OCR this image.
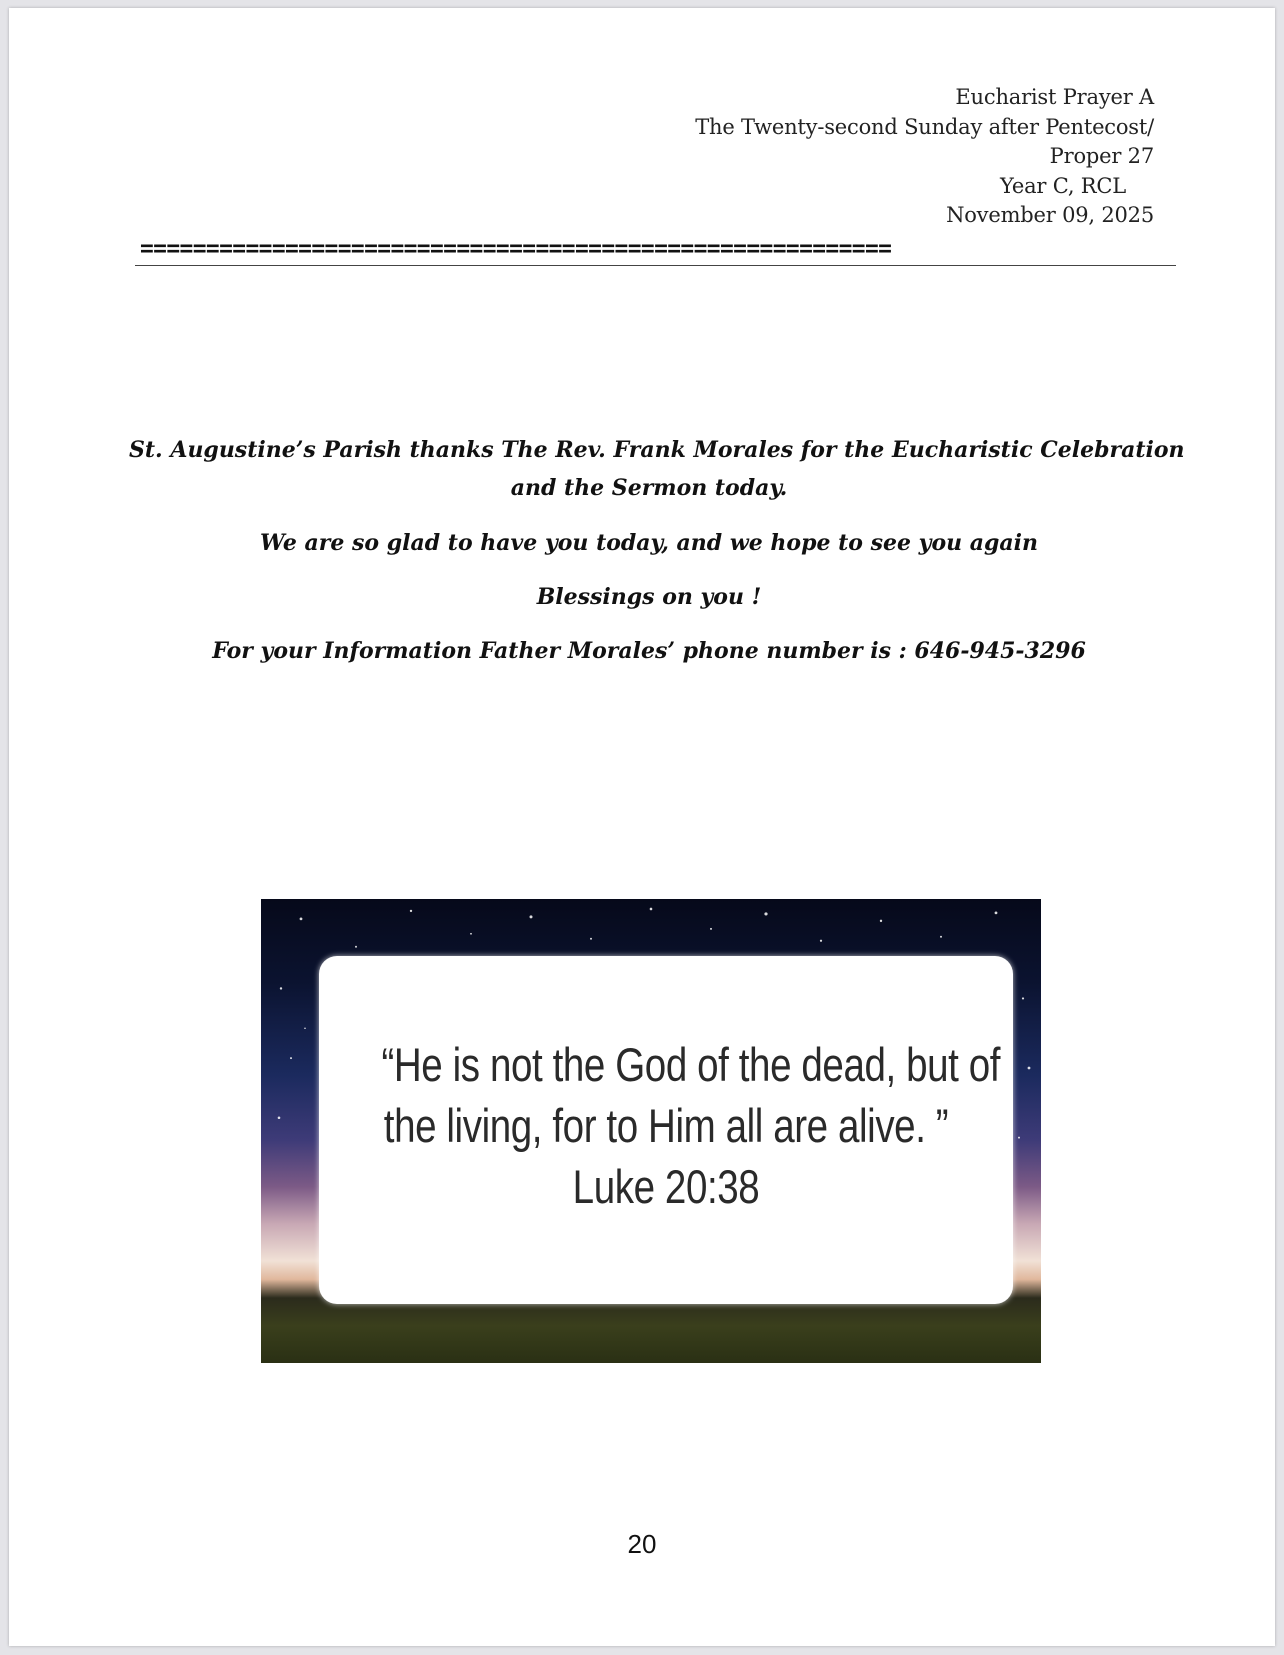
Eucharist Prayer A
The Twenty-second Sunday after Pentecost/
Proper 27
Year C, RCL
November 09, 2025
=========================================================
St. Augustine’s Parish thanks The Rev. Frank Morales for the Eucharistic Celebration
and the Sermon today.
We are so glad to have you today, and we hope to see you again
Blessings on you !
For your Information Father Morales’ phone number is : 646-945-3296
“He is not the God of the dead, but of
the living, for to Him all are alive. ”
Luke 20:38
20
